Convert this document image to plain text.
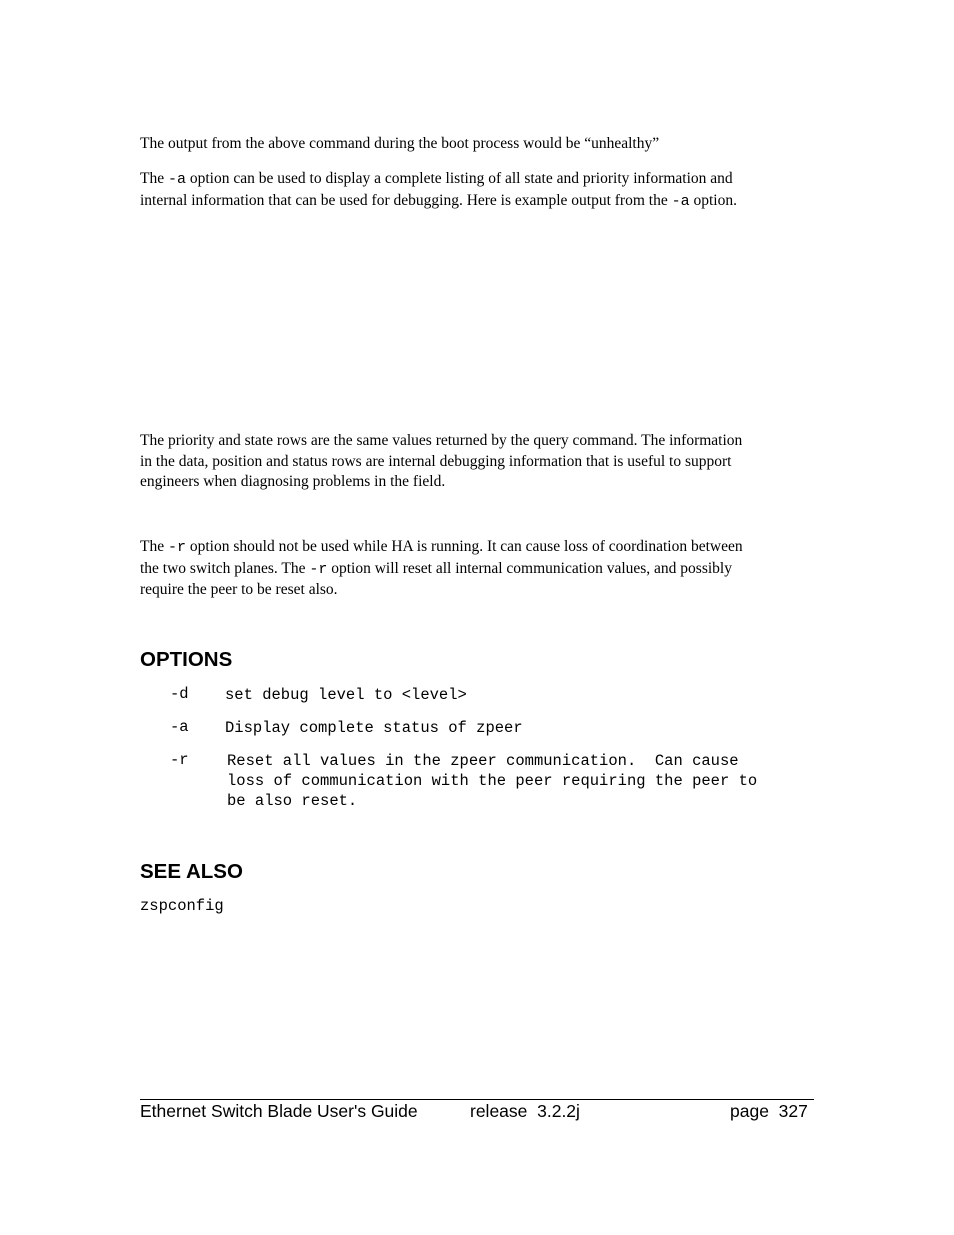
The output from the above command during the boot process would be “unhealthy”

The -a option can be used to display a complete listing of all state and priority information and

internal information that can be used for debugging. Here is example output from the -a option.

The priority and state rows are the same values returned by the query command. The information

in the data, position and status rows are internal debugging information that is useful to support

engineers when diagnosing problems in the field.

The -r option should not be used while HA is running. It can cause loss of coordination between

the two switch planes. The -r option will reset all internal communication values, and possibly

require the peer to be reset also.

OPTIONS
-d set debug level to <level>
-a Display complete status of zpeer
-r Reset all values in the zpeer communication.  Can cause
loss of communication with the peer requiring the peer to
be also reset.
SEE ALSO
zspconfig
Ethernet Switch Blade User's Guide	release  3.2.2j	page  327
